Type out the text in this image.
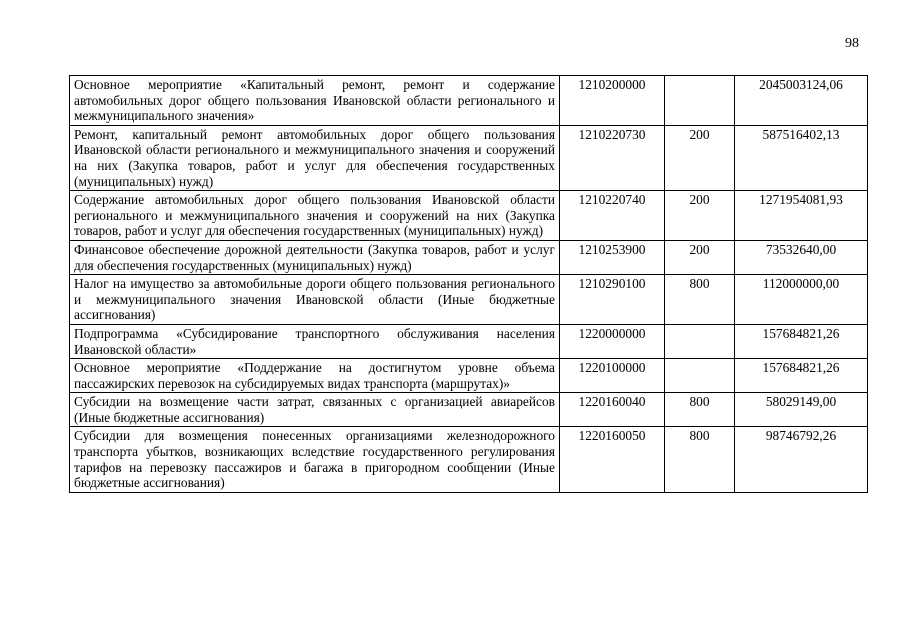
98
Основное мероприятие «Капитальный ремонт, ремонт и содержание автомобильных дорог общего пользования Ивановской области регионального и межмуниципального значения»	1210200000		2045003124,06
Ремонт, капитальный ремонт автомобильных дорог общего пользования Ивановской области регионального и межмуниципального значения и сооружений на них (Закупка товаров, работ и услуг для обеспечения государственных (муниципальных) нужд)	1210220730	200	587516402,13
Содержание автомобильных дорог общего пользования Ивановской области регионального и межмуниципального значения и сооружений на них (Закупка товаров, работ и услуг для обеспечения государственных (муниципальных) нужд)	1210220740	200	1271954081,93
Финансовое обеспечение дорожной деятельности (Закупка товаров, работ и услуг для обеспечения государственных (муниципальных) нужд)	1210253900	200	73532640,00
Налог на имущество за автомобильные дороги общего пользования регионального и межмуниципального значения Ивановской области (Иные бюджетные ассигнования)	1210290100	800	112000000,00
Подпрограмма «Субсидирование транспортного обслуживания населения Ивановской области»	1220000000		157684821,26
Основное мероприятие «Поддержание на достигнутом уровне объема пассажирских перевозок на субсидируемых видах транспорта (маршрутах)»	1220100000		157684821,26
Субсидии на возмещение части затрат, связанных с организацией авиарейсов (Иные бюджетные ассигнования)	1220160040	800	58029149,00
Субсидии для возмещения понесенных организациями железнодорожного транспорта убытков, возникающих вследствие государственного регулирования тарифов на перевозку пассажиров и багажа в пригородном сообщении (Иные бюджетные ассигнования)	1220160050	800	98746792,26
